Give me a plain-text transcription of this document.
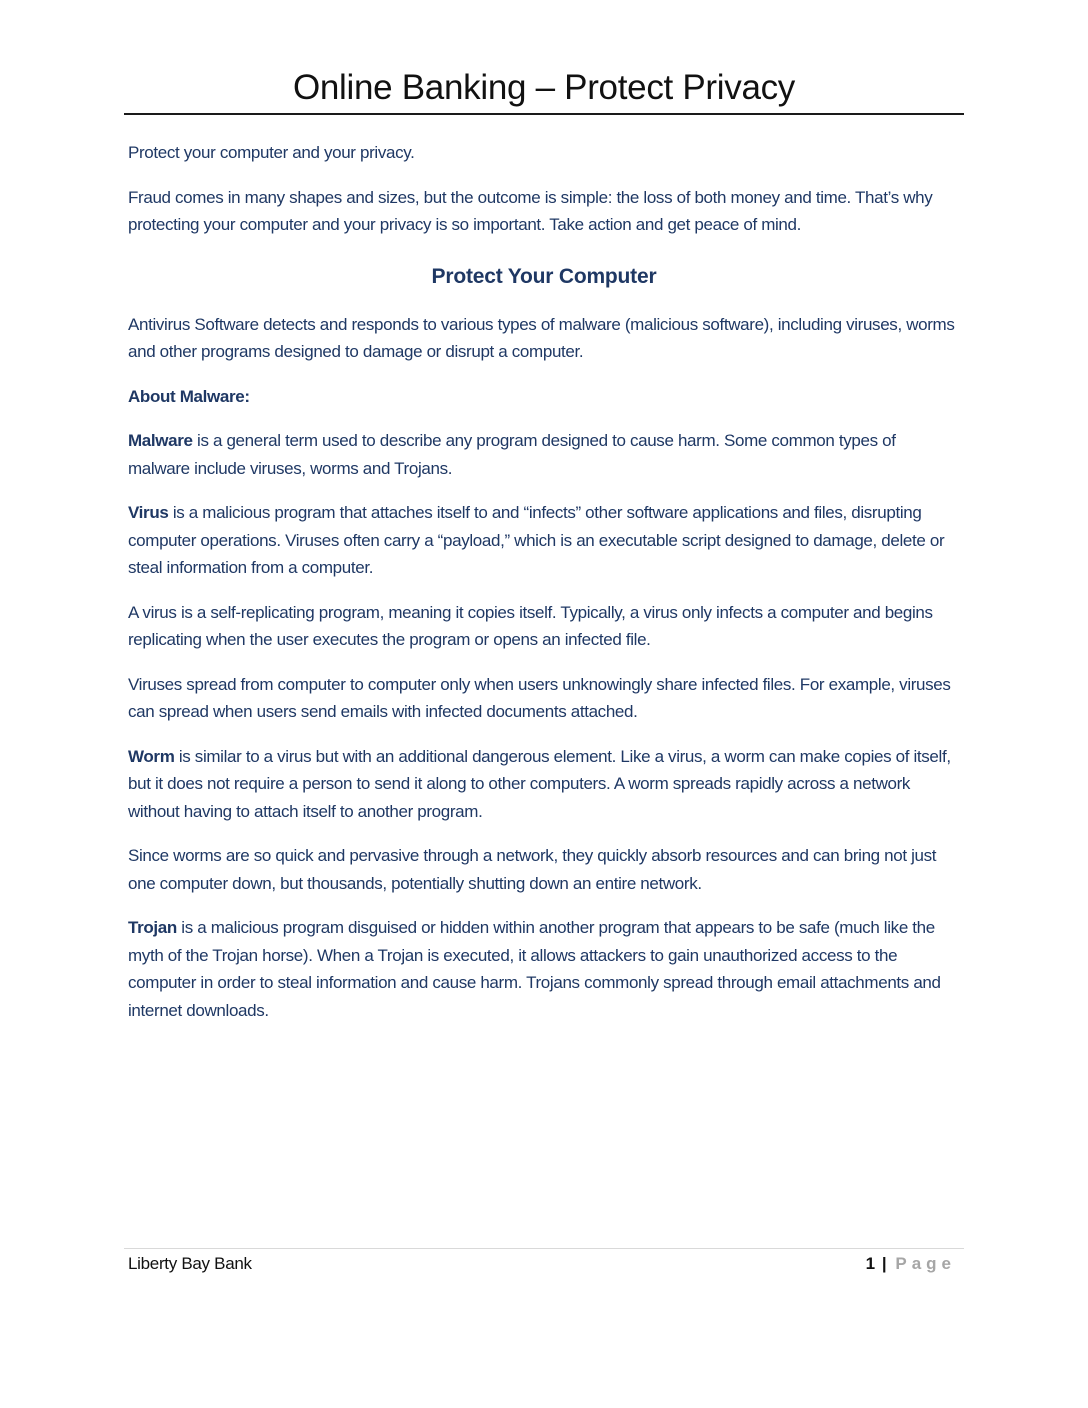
Online Banking – Protect Privacy

Protect your computer and your privacy.

Fraud comes in many shapes and sizes, but the outcome is simple: the loss of both money and time. That’s why protecting your computer and your privacy is so important. Take action and get peace of mind.

Protect Your Computer

Antivirus Software detects and responds to various types of malware (malicious software), including viruses, worms and other programs designed to damage or disrupt a computer.

About Malware:

Malware is a general term used to describe any program designed to cause harm. Some common types of malware include viruses, worms and Trojans.

Virus is a malicious program that attaches itself to and “infects” other software applications and files, disrupting computer operations. Viruses often carry a “payload,” which is an executable script designed to damage, delete or steal information from a computer.

A virus is a self-replicating program, meaning it copies itself. Typically, a virus only infects a computer and begins replicating when the user executes the program or opens an infected file.

Viruses spread from computer to computer only when users unknowingly share infected files. For example, viruses can spread when users send emails with infected documents attached.

Worm is similar to a virus but with an additional dangerous element. Like a virus, a worm can make copies of itself, but it does not require a person to send it along to other computers. A worm spreads rapidly across a network without having to attach itself to another program.

Since worms are so quick and pervasive through a network, they quickly absorb resources and can bring not just one computer down, but thousands, potentially shutting down an entire network.

Trojan is a malicious program disguised or hidden within another program that appears to be safe (much like the myth of the Trojan horse). When a Trojan is executed, it allows attackers to gain unauthorized access to the computer in order to steal information and cause harm. Trojans commonly spread through email attachments and internet downloads.

Liberty Bay Bank	1 | Page
